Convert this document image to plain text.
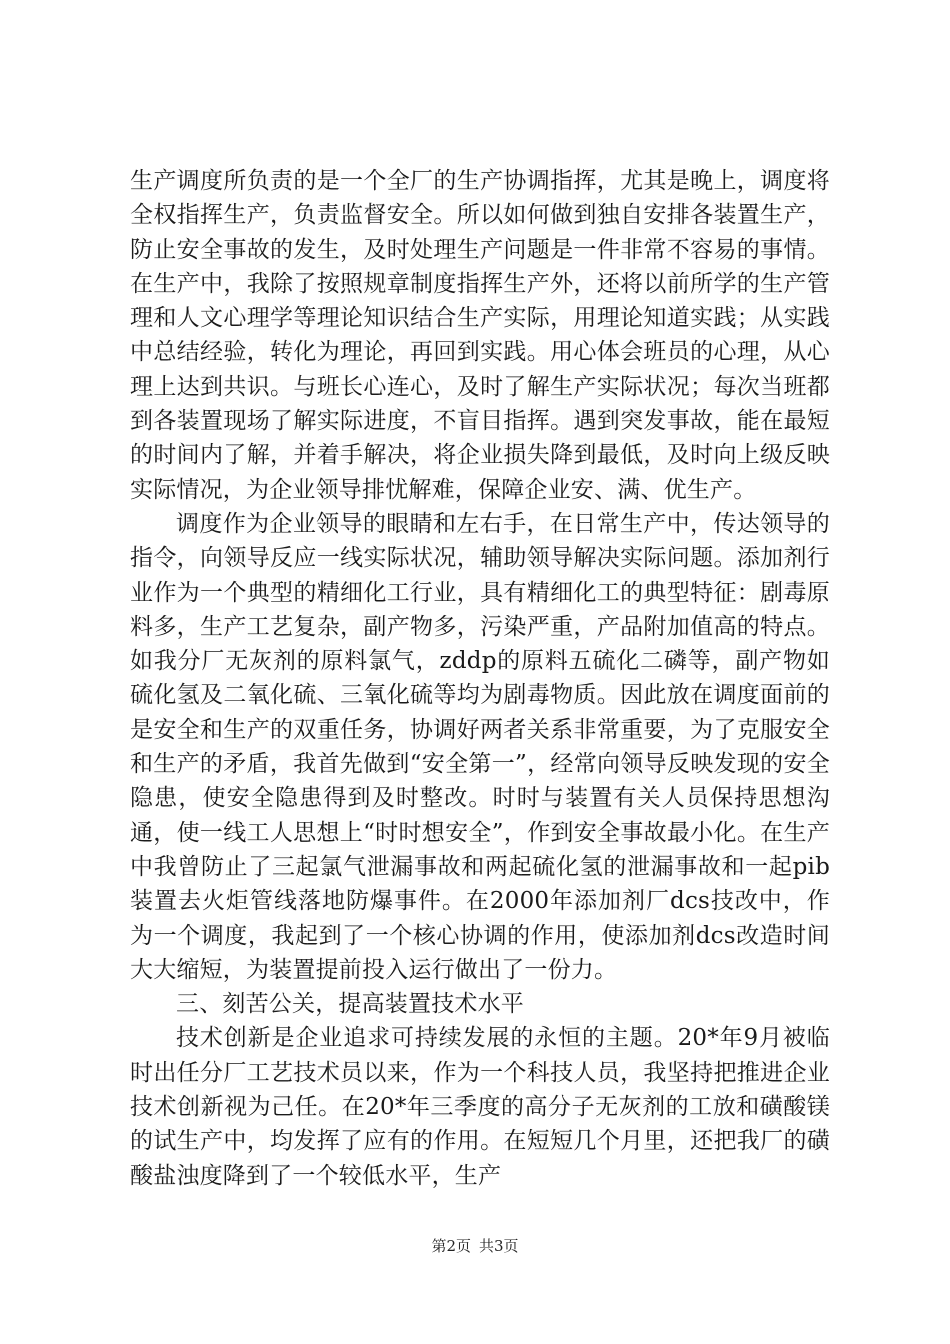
生产调度所负责的是一个全厂的生产协调指挥，尤其是晚上，调度将全权指挥生产，负责监督安全。所以如何做到独自安排各装置生产，防止安全事故的发生，及时处理生产问题是一件非常不容易的事情。在生产中，我除了按照规章制度指挥生产外，还将以前所学的生产管理和人文心理学等理论知识结合生产实际，用理论知道实践；从实践中总结经验，转化为理论，再回到实践。用心体会班员的心理，从心理上达到共识。与班长心连心，及时了解生产实际状况；每次当班都到各装置现场了解实际进度，不盲目指挥。遇到突发事故，能在最短的时间内了解，并着手解决，将企业损失降到最低，及时向上级反映实际情况，为企业领导排忧解难，保障企业安、满、优生产。

调度作为企业领导的眼睛和左右手，在日常生产中，传达领导的指令，向领导反应一线实际状况，辅助领导解决实际问题。添加剂行业作为一个典型的精细化工行业，具有精细化工的典型特征：剧毒原料多，生产工艺复杂，副产物多，污染严重，产品附加值高的特点。如我分厂无灰剂的原料氯气，zddp的原料五硫化二磷等，副产物如硫化氢及二氧化硫、三氧化硫等均为剧毒物质。因此放在调度面前的是安全和生产的双重任务，协调好两者关系非常重要，为了克服安全和生产的矛盾，我首先做到“安全第一”，经常向领导反映发现的安全隐患，使安全隐患得到及时整改。时时与装置有关人员保持思想沟通，使一线工人思想上“时时想安全”，作到安全事故最小化。在生产中我曾防止了三起氯气泄漏事故和两起硫化氢的泄漏事故和一起pib装置去火炬管线落地防爆事件。在2000年添加剂厂dcs技改中，作为一个调度，我起到了一个核心协调的作用，使添加剂dcs改造时间大大缩短，为装置提前投入运行做出了一份力。

三、刻苦公关，提高装置技术水平

技术创新是企业追求可持续发展的永恒的主题。20*年9月被临时出任分厂工艺技术员以来，作为一个科技人员，我坚持把推进企业技术创新视为己任。在20*年三季度的高分子无灰剂的工放和磺酸镁的试生产中，均发挥了应有的作用。在短短几个月里，还把我厂的磺酸盐浊度降到了一个较低水平，生产

第2页 共3页
